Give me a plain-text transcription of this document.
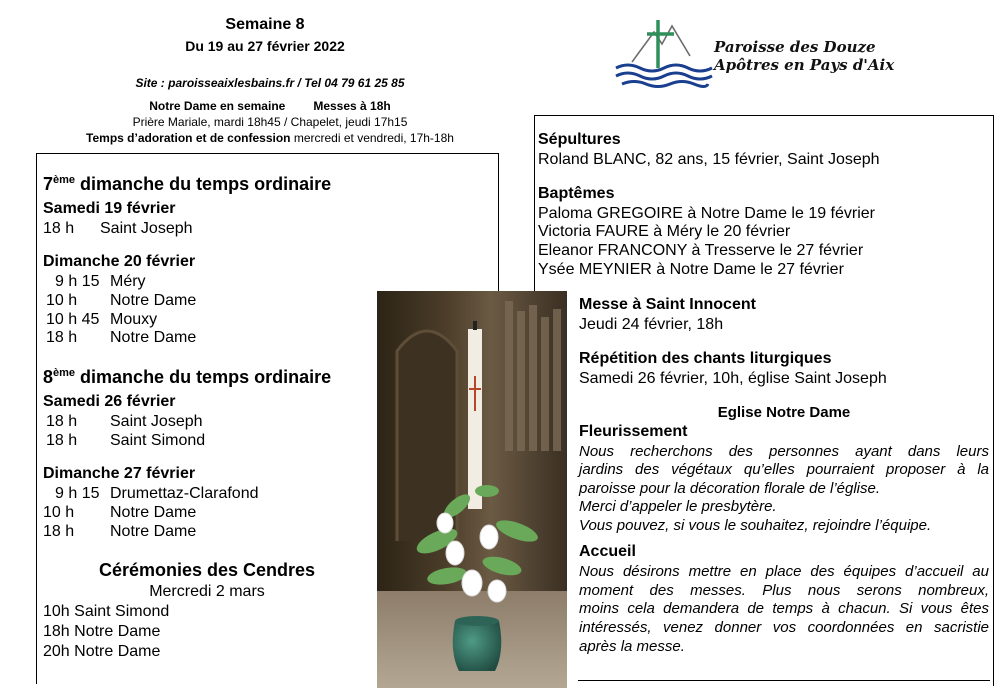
Semaine 8
Du 19 au 27 février 2022
Site : paroisseaixlesbains.fr / Tel 04 79 61 25 85
Notre Dame en semaine Messes à 18h
Prière Mariale, mardi 18h45 / Chapelet, jeudi 17h15
Temps d’adoration et de confession mercredi et vendredi, 17h-18h
Paroisse des Douze
Apôtres en Pays d'Aix
7ème dimanche du temps ordinaire
Samedi 19 février
18 h Saint Joseph
Dimanche 20 février
9 h 15 Méry
10 h Notre Dame
10 h 45 Mouxy
18 h Notre Dame
8ème dimanche du temps ordinaire
Samedi 26 février
18 h Saint Joseph
18 h Saint Simond
Dimanche 27 février
9 h 15 Drumettaz-Clarafond
10 h Notre Dame
18 h Notre Dame
Cérémonies des Cendres
Mercredi 2 mars
10h Saint Simond
18h Notre Dame
20h Notre Dame
Sépultures
Roland BLANC, 82 ans, 15 février, Saint Joseph
Baptêmes
Paloma GREGOIRE à Notre Dame le 19 février
Victoria FAURE à Méry le 20 février
Eleanor FRANCONY à Tresserve le 27 février
Ysée MEYNIER à Notre Dame le 27 février
Messe à Saint Innocent
Jeudi 24 février, 18h
Répétition des chants liturgiques
Samedi 26 février, 10h, église Saint Joseph
Eglise Notre Dame
Fleurissement
Nous recherchons des personnes ayant dans leurs
jardins des végétaux qu’elles pourraient proposer à la
paroisse pour la décoration florale de l’église.
Merci d’appeler le presbytère.
Vous pouvez, si vous le souhaitez, rejoindre l’équipe.
Accueil
Nous désirons mettre en place des équipes d’accueil au
moment des messes. Plus nous serons nombreux,
moins cela demandera de temps à chacun. Si vous êtes
intéressés, venez donner vos coordonnées en sacristie
après la messe.
